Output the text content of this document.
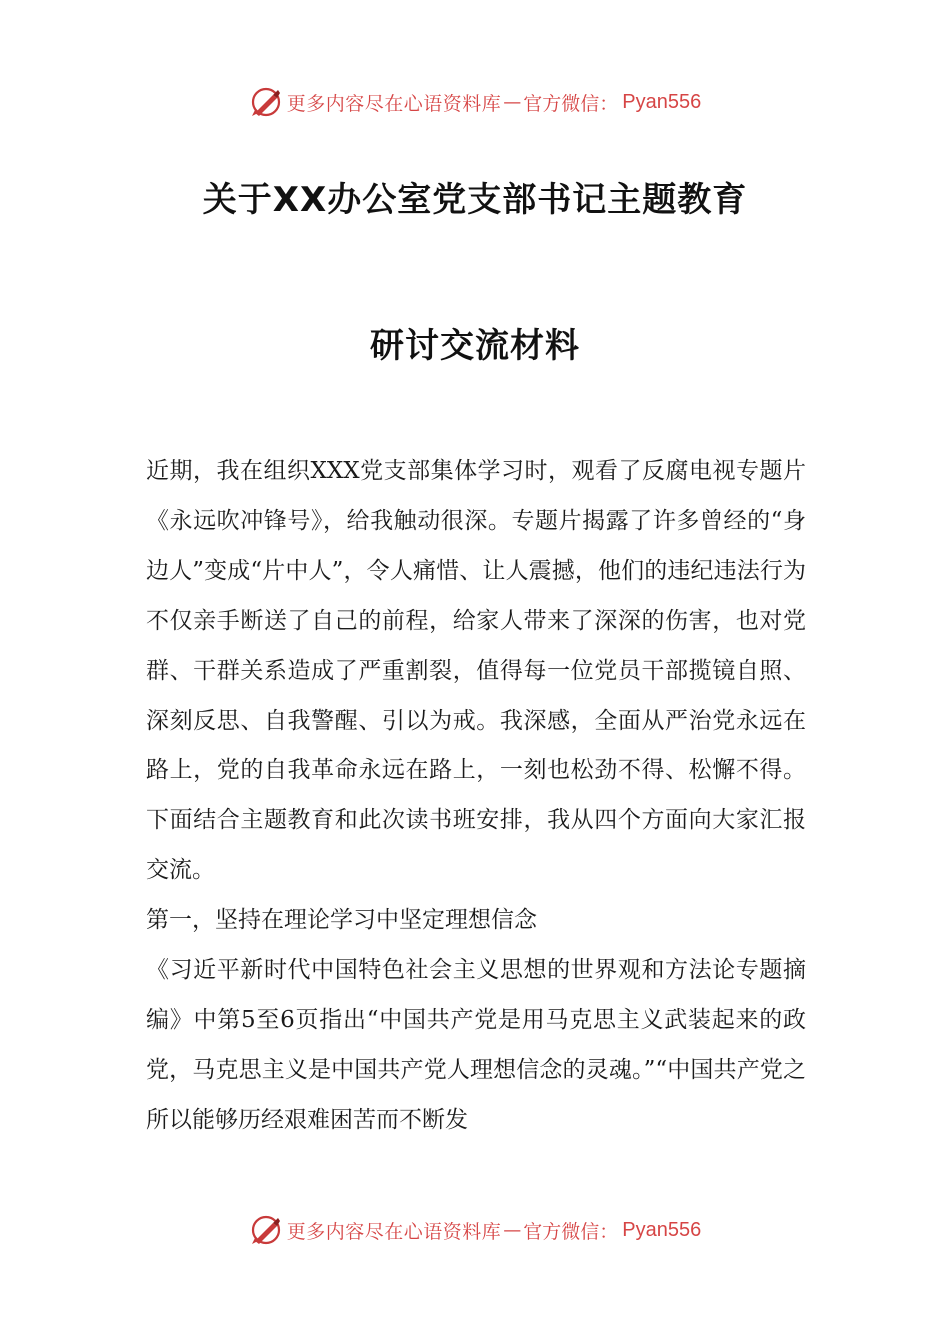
更多内容尽在心语资料库 — 官方微信： Pyan556
关于XX办公室党支部书记主题教育
研讨交流材料

近期，我在组织XXX党支部集体学习时，观看了反腐电视专题片《永远吹冲锋号》，给我触动很深。专题片揭露了许多曾经的“身边人”变成“片中人”，令人痛惜、让人震撼，他们的违纪违法行为不仅亲手断送了自己的前程，给家人带来了深深的伤害，也对党群、干群关系造成了严重割裂，值得每一位党员干部揽镜自照、深刻反思、自我警醒、引以为戒。我深感，全面从严治党永远在路上，党的自我革命永远在路上，一刻也松劲不得、松懈不得。下面结合主题教育和此次读书班安排，我从四个方面向大家汇报交流。

第一，坚持在理论学习中坚定理想信念

《习近平新时代中国特色社会主义思想的世界观和方法论专题摘编》中第5至6页指出“中国共产党是用马克思主义武装起来的政党，马克思主义是中国共产党人理想信念的灵魂。”“中国共产党之所以能够历经艰难困苦而不断发

更多内容尽在心语资料库 — 官方微信： Pyan556
